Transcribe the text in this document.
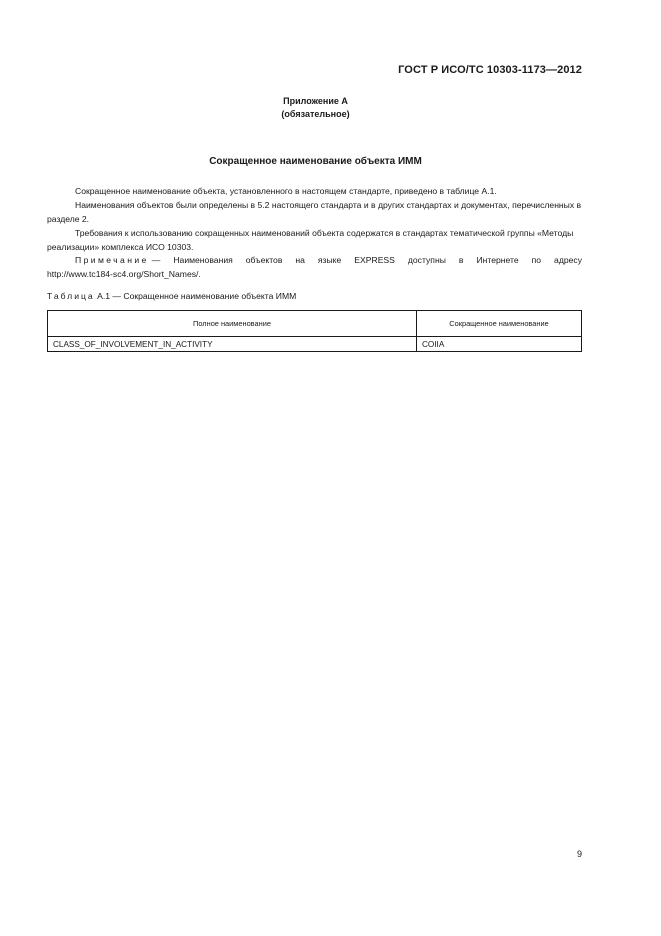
ГОСТ Р ИСО/ТС 10303-1173—2012
Приложение А
(обязательное)
Сокращенное наименование объекта ИММ

Сокращенное наименование объекта, установленного в настоящем стандарте, приведено в таблице А.1.

Наименования объектов были определены в 5.2 настоящего стандарта и в других стандартах и документах, перечисленных в разделе 2.

Требования к использованию сокращенных наименований объекта содержатся в стандартах тематической группы «Методы реализации» комплекса ИСО 10303.

Примечание — Наименования объектов на языке EXPRESS доступны в Интернете по адресу
http://www.tc184-sc4.org/Short_Names/.
Таблица А.1 — Сокращенное наименование объекта ИММ
Полное наименование	Сокращенное наименование
CLASS_OF_INVOLVEMENT_IN_ACTIVITY	COIIA
9
